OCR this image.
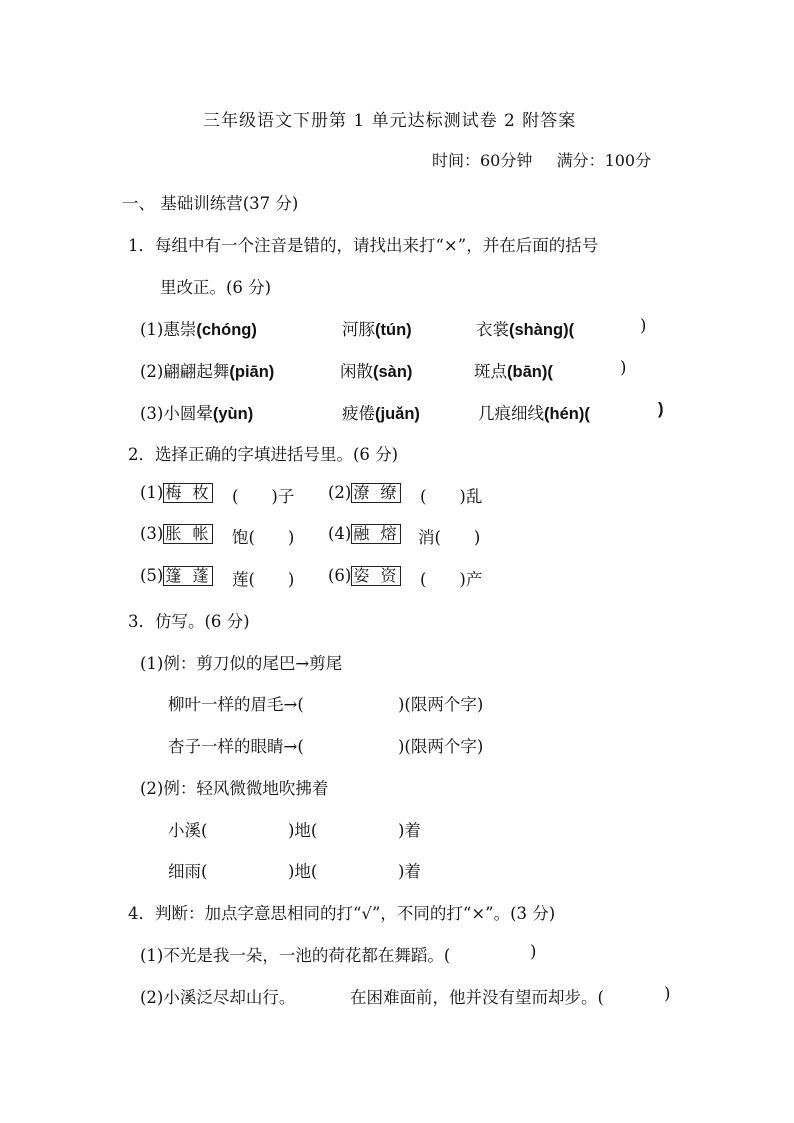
三年级语文下册第 1 单元达标测试卷 2 附答案
时间：60分钟 满分：100分
一、 基础训练营(37 分)
1．每组中有一个注音是错的，请找出来打“×”，并在后面的括号
里改正。(6 分)
(1)惠崇(chóng)	河豚(tún)	衣裳(shàng)(	)
(2)翩翩起舞(piān)	闲散(sàn)	斑点(bān)(	)
(3)小圆晕(yùn)	疲倦(juǎn)	几痕细线(hén)(	)
2．选择正确的字填进括号里。(6 分)
(1) 梅 枚 (　　)子 (2) 潦 缭 (　　)乱
(3) 胀 帐 饱(　　) (4) 融 熔 消(　　)
(5) 篷 蓬 莲(　　) (6) 姿 资 (　　)产
3．仿写。(6 分)
(1)例：剪刀似的尾巴→剪尾
柳叶一样的眉毛→(	)(限两个字)
杏子一样的眼睛→(	)(限两个字)
(2)例：轻风微微地吹拂着
小溪(	)地(	)着
细雨(	)地(	)着
4．判断：加点字意思相同的打“√”，不同的打“×”。(3 分)
(1)不光是我一朵，一池的荷花都在舞蹈。(	)
(2)小溪泛尽却山行。	在困难面前，他并没有望而却步。(	)
